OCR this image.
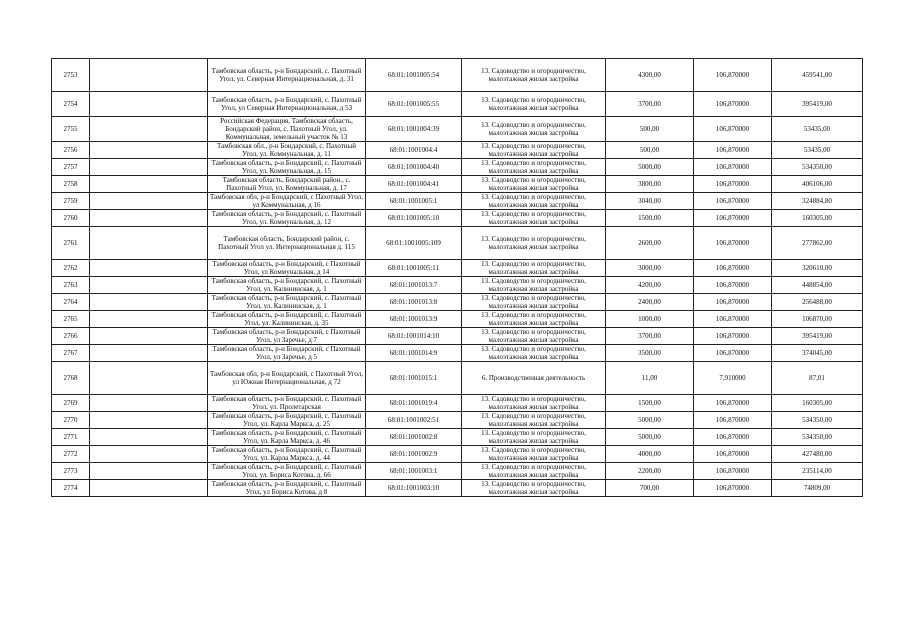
2753		Тамбовская область, р-н Бондарский, с. Пахотный Угол, ул. Северная Интернациональная, д. 31	68:01:1001005:54	13. Садоводство и огородничество, малоэтажная жилая застройка	4300,00	106,870000	459541,00
2754		Тамбовская область, р-н Бондарский, с. Пахотный Угол, ул Северная Интернациональная, д 53	68:01:1001005:55	13. Садоводство и огородничество, малоэтажная жилая застройка	3700,00	106,870000	395419,00
2755		Российская Федерация, Тамбовская область, Бондарский район, с. Пахотный Угол, ул. Коммунальная, земельный участок № 13	68:01:1001004:39	13. Садоводство и огородничество, малоэтажная жилая застройка	500,00	106,870000	53435,00
2756		Тамбовская обл., р-н Бондарский, с. Пахотный Угол, ул. Коммунальная, д. 11	68:01:1001004:4	13. Садоводство и огородничество, малоэтажная жилая застройка	500,00	106,870000	53435,00
2757		Тамбовская область, р-н Бондарский, с. Пахотный Угол, ул. Коммунальная, д. 15	68:01:1001004:40	13. Садоводство и огородничество, малоэтажная жилая застройка	5000,00	106,870000	534350,00
2758		Тамбовская область, Бондарский район., с. Пахотный Угол, ул. Коммунальная, д. 17	68:01:1001004:41	13. Садоводство и огородничество, малоэтажная жилая застройка	3800,00	106,870000	406106,00
2759		Тамбовская обл, р-н Бондарский, с Пахотный Угол, ул Коммунальная, д 16	68:01:1001005:1	13. Садоводство и огородничество, малоэтажная жилая застройка	3040,00	106,870000	324884,80
2760		Тамбовская область, р-н Бондарский, с. Пахотный Угол, ул. Коммунальная, д. 12	68:01:1001005:10	13. Садоводство и огородничество, малоэтажная жилая застройка	1500,00	106,870000	160305,00
2761		Тамбовская область, Бондарский район, с. Пахотный Угол ул. Интернациональная д. 115	68:01:1001005:109	13. Садоводство и огородничество, малоэтажная жилая застройка	2600,00	106,870000	277862,00
2762		Тамбовская область, р-н Бондарский, с Пахотный Угол, ул Коммунальная, д 14	68:01:1001005:11	13. Садоводство и огородничество, малоэтажная жилая застройка	3000,00	106,870000	320610,00
2763		Тамбовская область, р-н Бондарский, с. Пахотный Угол, ул. Калининская, д. 1	68:01:1001013:7	13. Садоводство и огородничество, малоэтажная жилая застройка	4200,00	106,870000	448854,00
2764		Тамбовская область, р-н Бондарский, с. Пахотный Угол, ул. Калининская, д. 1	68:01:1001013:8	13. Садоводство и огородничество, малоэтажная жилая застройка	2400,00	106,870000	256488,00
2765		Тамбовская область, р-н Бондарский, с. Пахотный Угол, ул. Калининская, д. 35	68:01:1001013:9	13. Садоводство и огородничество, малоэтажная жилая застройка	1000,00	106,870000	106870,00
2766		Тамбовская область, р-н Бондарский, с Пахотный Угол, ул Заречье, д 7	68:01:1001014:10	13. Садоводство и огородничество, малоэтажная жилая застройка	3700,00	106,870000	395419,00
2767		Тамбовская область, р-н Бондарский, с Пахотный Угол, ул Заречье, д 5	68:01:1001014:9	13. Садоводство и огородничество, малоэтажная жилая застройка	3500,00	106,870000	374045,00
2768		Тамбовская обл, р-н Бондарский, с Пахотный Угол, ул Южная Интернациональная, д 72	68:01:1001015:1	6. Производственная деятельность	11,00	7,910000	87,01
2769		Тамбовская область, р-н Бондарский, с. Пахотный Угол, ул. Пролетарская	68:01:1001019:4	13. Садоводство и огородничество, малоэтажная жилая застройка	1500,00	106,870000	160305,00
2770		Тамбовская область, р-н Бондарский, с. Пахотный Угол, ул. Карла Маркса, д. 25	68:01:1001002:51	13. Садоводство и огородничество, малоэтажная жилая застройка	5000,00	106,870000	534350,00
2771		Тамбовская область, р-н Бондарский, с. Пахотный Угол, ул. Карла Маркса, д. 46	68:01:1001002:8	13. Садоводство и огородничество, малоэтажная жилая застройка	5000,00	106,870000	534350,00
2772		Тамбовская область, р-н Бондарский, с. Пахотный Угол, ул. Карла Маркса, д. 44	68:01:1001002:9	13. Садоводство и огородничество, малоэтажная жилая застройка	4000,00	106,870000	427480,00
2773		Тамбовская область, р-н Бондарский, с. Пахотный Угол, ул. Бориса Котова, д. 66	68:01:1001003:1	13. Садоводство и огородничество, малоэтажная жилая застройка	2200,00	106,870000	235114,00
2774		Тамбовская область, р-н Бондарский, с. Пахотный Угол, ул Бориса Котова, д 8	68:01:1001003:10	13. Садоводство и огородничество, малоэтажная жилая застройка	700,00	106,870000	74809,00
